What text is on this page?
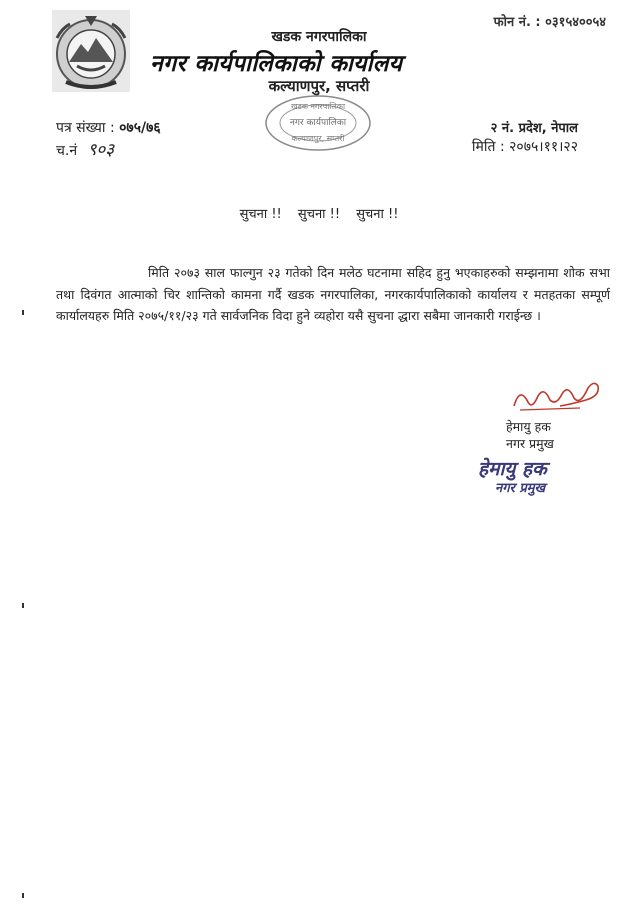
फोन नं. : ०३१५४००५४
खडक नगरपालिका
नगर कार्यपालिकाको कार्यालय
कल्याणपुर, सप्तरी
खडक नगरपालिका
नगर कार्यपालिका
कल्याणपुर, सप्तरी
पत्र संख्या : ०७५/७६
च.नं ९०३
२ नं. प्रदेश, नेपाल
मिति : २०७५।११।२२
सुचना !! सुचना !! सुचना !!
मिति २०७३ साल फाल्गुन २३ गतेको दिन मलेठ घटनामा सहिद हुनु भएकाहरुको सम्झनामा शोक सभा तथा दिवंगत आत्माको चिर शान्तिको कामना गर्दै खडक नगरपालिका, नगरकार्यपालिकाको कार्यालय र मतहतका सम्पूर्ण कार्यालयहरु मिति २०७५/११/२३ गते सार्वजनिक विदा हुने व्यहोरा यसै सुचना द्धारा सबैमा जानकारी गराईन्छ ।
हेमायु हक
नगर प्रमुख
हेमायु हक
नगर प्रमुख
